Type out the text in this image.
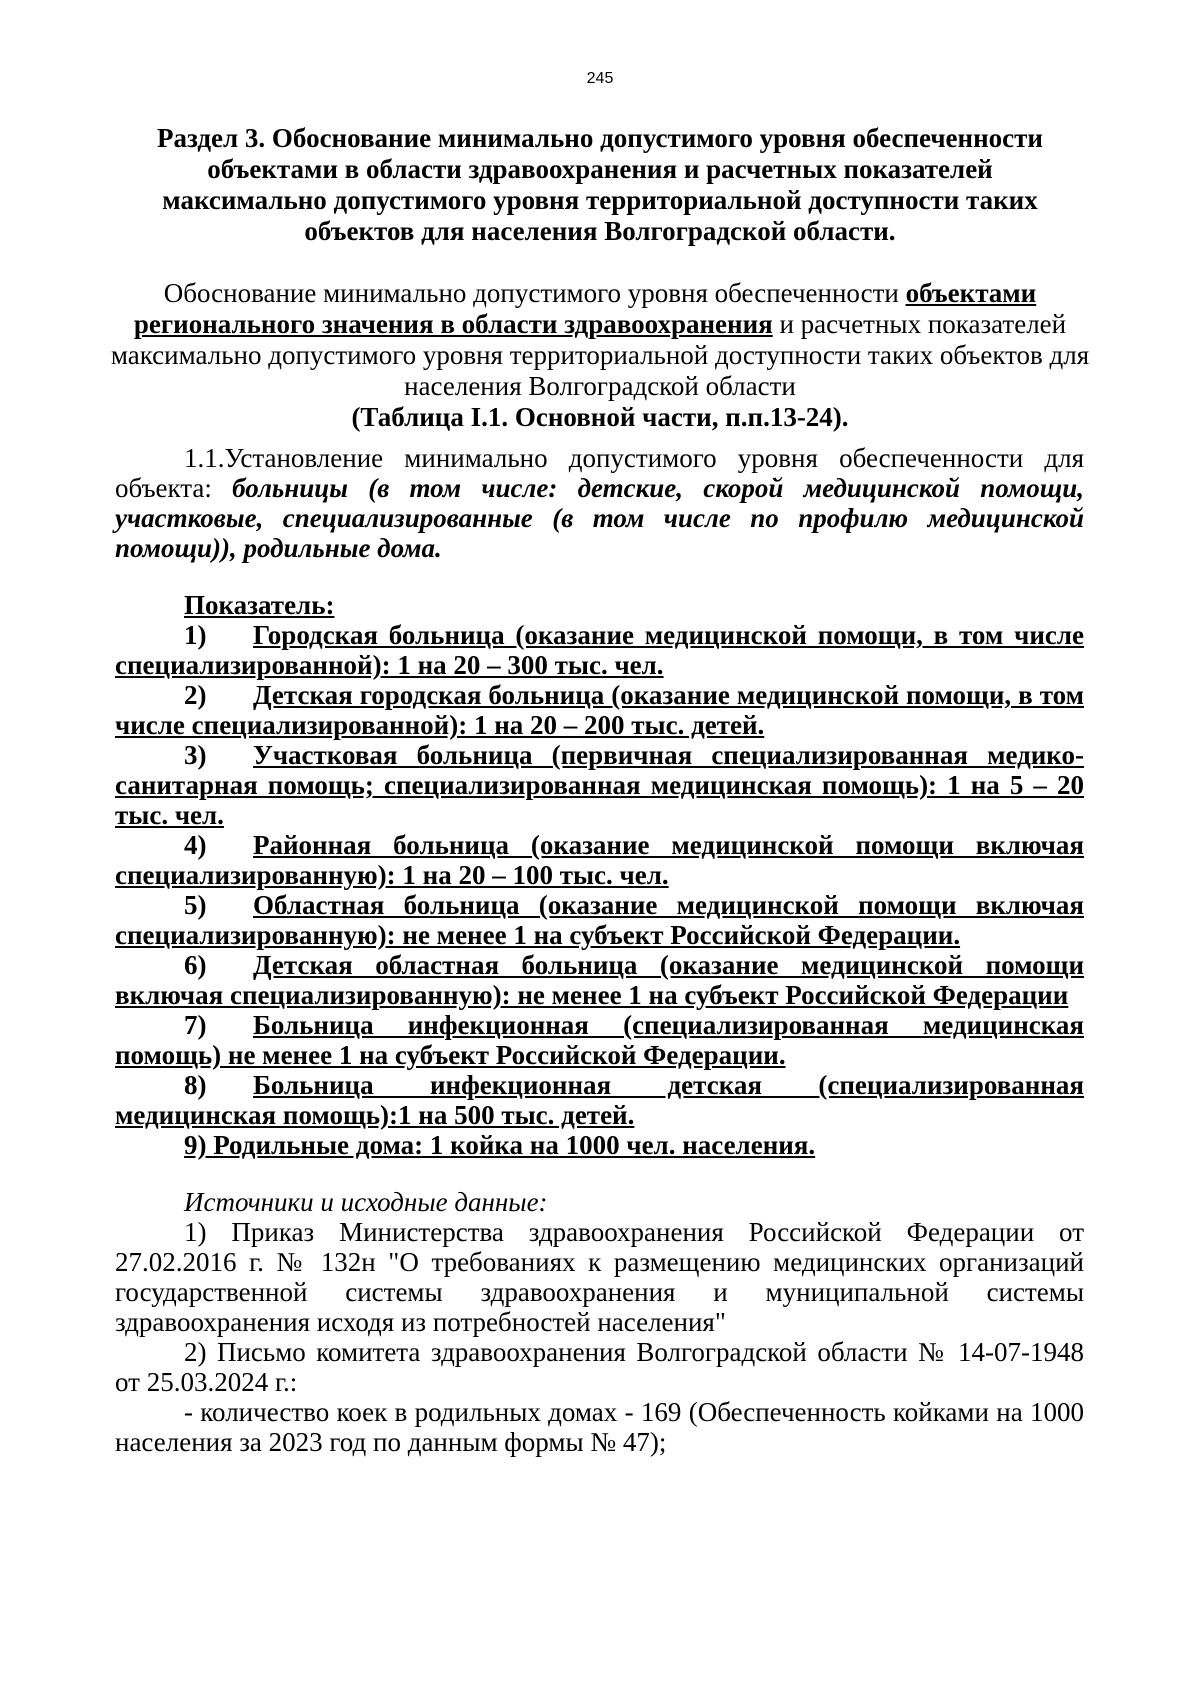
245
Раздел 3. Обоснование минимально допустимого уровня обеспеченности объектами в области здравоохранения и расчетных показателей максимально допустимого уровня территориальной доступности таких объектов для населения Волгоградской области.
Обоснование минимально допустимого уровня обеспеченности объектами регионального значения в области здравоохранения и расчетных показателей максимально допустимого уровня территориальной доступности таких объектов для населения Волгоградской области
(Таблица I.1. Основной части, п.п.13-24).
1.1.Установление минимально допустимого уровня обеспеченности для объекта: больницы (в том числе: детские, скорой медицинской помощи, участковые, специализированные (в том числе по профилю медицинской помощи)), родильные дома.
Показатель:
1) Городская больница (оказание медицинской помощи, в том числе специализированной): 1 на 20 – 300 тыс. чел.
2) Детская городская больница (оказание медицинской помощи, в том числе специализированной): 1 на 20 – 200 тыс. детей.
3) Участковая больница (первичная специализированная медико-санитарная помощь; специализированная медицинская помощь): 1 на 5 – 20 тыс. чел.
4) Районная больница (оказание медицинской помощи включая специализированную): 1 на 20 – 100 тыс. чел.
5) Областная больница (оказание медицинской помощи включая специализированную): не менее 1 на субъект Российской Федерации.
6) Детская областная больница (оказание медицинской помощи включая специализированную): не менее 1 на субъект Российской Федерации
7) Больница инфекционная (специализированная медицинская помощь) не менее 1 на субъект Российской Федерации.
8) Больница инфекционная детская (специализированная медицинская помощь):1 на 500 тыс. детей.
9) Родильные дома: 1 койка на 1000 чел. населения.
Источники и исходные данные:
1) Приказ Министерства здравоохранения Российской Федерации от 27.02.2016 г. № 132н "О требованиях к размещению медицинских организаций государственной системы здравоохранения и муниципальной системы здравоохранения исходя из потребностей населения"
2) Письмо комитета здравоохранения Волгоградской области № 14-07-1948 от 25.03.2024 г.:
- количество коек в родильных домах - 169 (Обеспеченность койками на 1000 населения за 2023 год по данным формы № 47);
